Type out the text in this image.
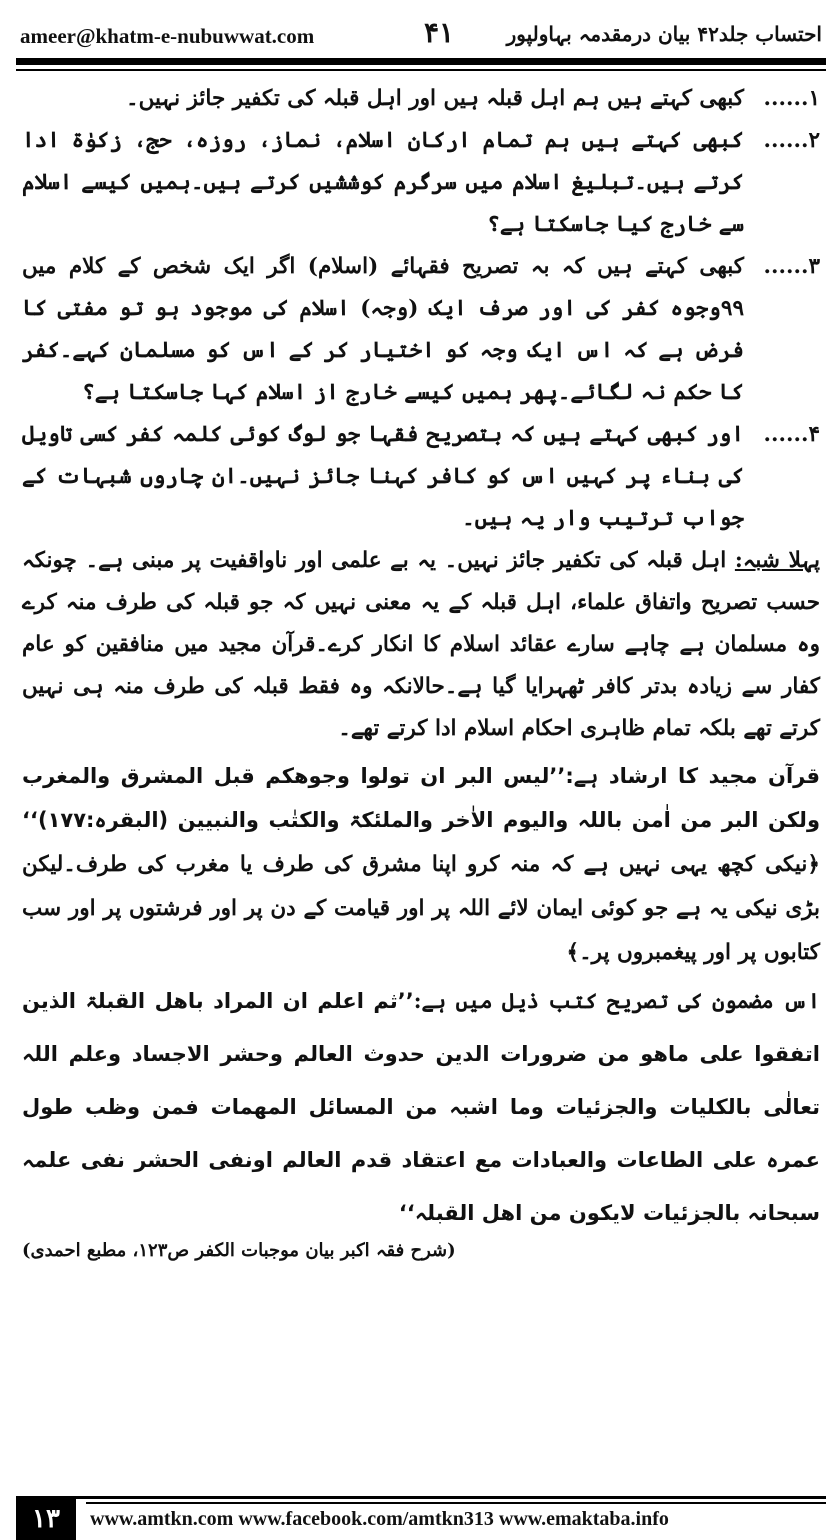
ameer@khatm-e-nubuwwat.com	۴۱	احتساب جلد۴۲ بیان درمقدمہ بہاولپور
۱......
کبھی کہتے ہیں ہم اہل قبلہ ہیں اور اہل قبلہ کی تکفیر جائز نہیں۔
۲......
کبھی کہتے ہیں ہم تمام ارکان اسلام، نماز، روزہ، حج، زکوٰۃ ادا کرتے ہیں۔تبلیغ اسلام میں سرگرم کوششیں کرتے ہیں۔ہمیں کیسے اسلام سے خارج کیا جاسکتا ہے؟
۳......
کبھی کہتے ہیں کہ بہ تصریح فقہائے (اسلام) اگر ایک شخص کے کلام میں ۹۹وجوہ کفر کی اور صرف ایک (وجہ) اسلام کی موجود ہو تو مفتی کا فرض ہے کہ اس ایک وجہ کو اختیار کر کے اس کو مسلمان کہے۔کفر کا حکم نہ لگائے۔پھر ہمیں کیسے خارج از اسلام کہا جاسکتا ہے؟
۴......
اور کبھی کہتے ہیں کہ بتصریح فقہا جو لوگ کوئی کلمہ کفر کسی تاویل کی بناء پر کہیں اس کو کافر کہنا جائز نہیں۔ان چاروں شبہات کے جواب ترتیب وار یہ ہیں۔

پہلا شبہ: اہل قبلہ کی تکفیر جائز نہیں۔ یہ بے علمی اور ناواقفیت پر مبنی ہے۔ چونکہ حسب تصریح واتفاق علماء، اہل قبلہ کے یہ معنی نہیں کہ جو قبلہ کی طرف منہ کرے وہ مسلمان ہے چاہے سارے عقائد اسلام کا انکار کرے۔قرآن مجید میں منافقین کو عام کفار سے زیادہ بدتر کافر ٹھہرایا گیا ہے۔حالانکہ وہ فقط قبلہ کی طرف منہ ہی نہیں کرتے تھے بلکہ تمام ظاہری احکام اسلام ادا کرتے تھے۔

قرآن مجید کا ارشاد ہے:’’لیس البر ان تولوا وجوھکم قبل المشرق والمغرب ولکن البر من اٰمن باللہ والیوم الاٰخر والملئکۃ والکتٰب والنبیین (البقرہ:۱۷۷)‘‘ ﴿نیکی کچھ یہی نہیں ہے کہ منہ کرو اپنا مشرق کی طرف یا مغرب کی طرف۔لیکن بڑی نیکی یہ ہے جو کوئی ایمان لائے اللہ پر اور قیامت کے دن پر اور فرشتوں پر اور سب کتابوں پر اور پیغمبروں پر۔﴾

اس مضمون کی تصریح کتب ذیل میں ہے:’’ثم اعلم ان المراد باھل القبلۃ الذین اتفقوا علی ماھو من ضرورات الدین حدوث العالم وحشر الاجساد وعلم اللہ تعالٰی بالکلیات والجزئیات وما اشبہ من المسائل المھمات فمن وظب طول عمرہ علی الطاعات والعبادات مع اعتقاد قدم العالم اونفی الحشر نفی علمہ سبحانہ بالجزئیات لایکون من اھل القبلہ‘‘

(شرح فقہ اکبر بیان موجبات الکفر ص۱۲۳، مطبع احمدی)
۱۳	www.amtkn.com www.facebook.com/amtkn313 www.emaktaba.info
